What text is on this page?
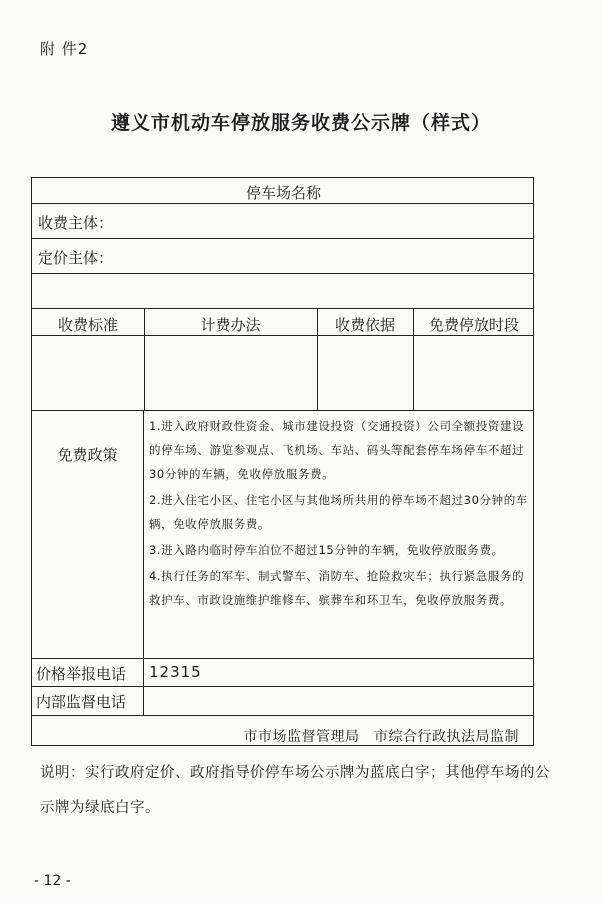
附 件2
遵义市机动车停放服务收费公示牌（样式）
停车场名称
收费主体：
定价主体：
收费标准	计费办法	收费依据	免费停放时段
免费政策

1.进入政府财政性资金、城市建设投资（交通投资）公司全额投资建设的停车场、游览参观点、飞机场、车站、码头等配套停车场停车不超过30分钟的车辆，免收停放服务费。

2.进入住宅小区、住宅小区与其他场所共用的停车场不超过30分钟的车辆，免收停放服务费。

3.进入路内临时停车泊位不超过15分钟的车辆，免收停放服务费。

4.执行任务的军车、制式警车、消防车、抢险救灾车；执行紧急服务的救护车、市政设施维护维修车、殡葬车和环卫车，免收停放服务费。

价格举报电话 12315
内部监督电话
市市场监督管理局　市综合行政执法局监制
说明：实行政府定价、政府指导价停车场公示牌为蓝底白字；其他停车场的公示牌为绿底白字。
- 12 -
